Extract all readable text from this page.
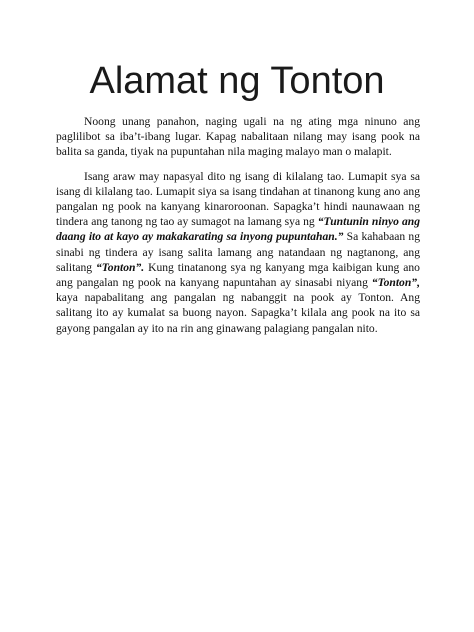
Alamat ng Tonton

Noong unang panahon, naging ugali na ng ating mga ninuno ang paglilibot sa iba’t-ibang lugar. Kapag nabalitaan nilang may isang pook na balita sa ganda, tiyak na pupuntahan nila maging malayo man o malapit.

Isang araw may napasyal dito ng isang di kilalang tao. Lumapit sya sa isang di kilalang tao. Lumapit siya sa isang tindahan at tinanong kung ano ang pangalan ng pook na kanyang kinaroroonan. Sapagka’t hindi naunawaan ng tindera ang tanong ng tao ay sumagot na lamang sya ng “Tuntunin ninyo ang daang ito at kayo ay makakarating sa inyong pupuntahan.” Sa kahabaan ng sinabi ng tindera ay isang salita lamang ang natandaan ng nagtanong, ang salitang “Tonton”. Kung tinatanong sya ng kanyang mga kaibigan kung ano ang pangalan ng pook na kanyang napuntahan ay sinasabi niyang “Tonton”, kaya napabalitang ang pangalan ng nabanggit na pook ay Tonton. Ang salitang ito ay kumalat sa buong nayon. Sapagka’t kilala ang pook na ito sa gayong pangalan ay ito na rin ang ginawang palagiang pangalan nito.
